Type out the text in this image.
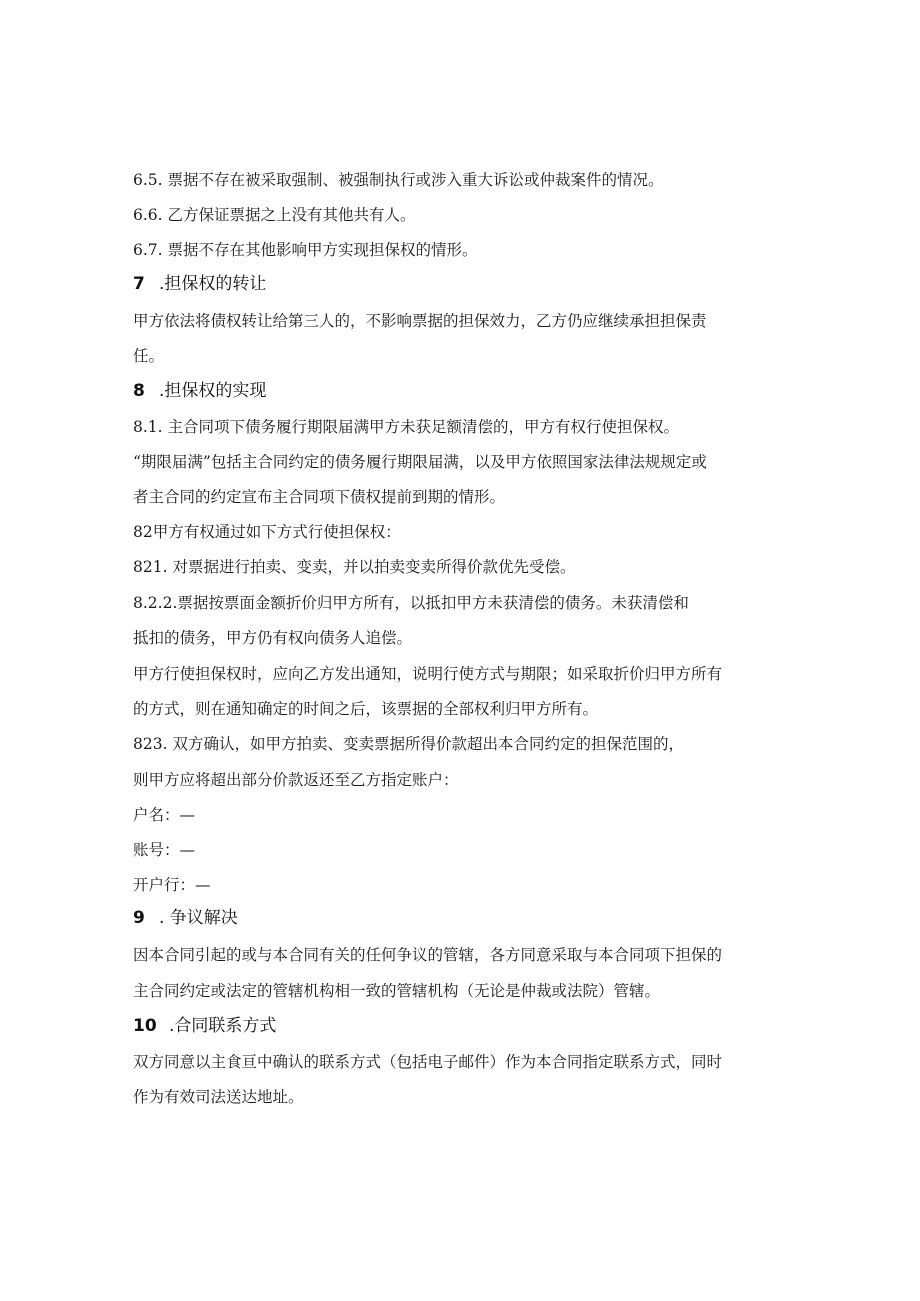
6.5. 票据不存在被采取强制、被强制执行或涉入重大诉讼或仲裁案件的情况。
6.6. 乙方保证票据之上没有其他共有人。
6.7. 票据不存在其他影响甲方实现担保权的情形。
7 .担保权的转让
甲方依法将债权转让给第三人的，不影响票据的担保效力，乙方仍应继续承担担保责
任。
8 .担保权的实现
8.1. 主合同项下债务履行期限届满甲方未获足额清偿的，甲方有权行使担保权。
“期限届满”包括主合同约定的债务履行期限届满，以及甲方依照国家法律法规规定或
者主合同的约定宣布主合同项下债权提前到期的情形。
82甲方有权通过如下方式行使担保权：
821. 对票据进行拍卖、变卖，并以拍卖变卖所得价款优先受偿。
8.2.2.票据按票面金额折价归甲方所有，以抵扣甲方未获清偿的债务。未获清偿和
抵扣的债务，甲方仍有权向债务人追偿。
甲方行使担保权时，应向乙方发出通知，说明行使方式与期限；如采取折价归甲方所有
的方式，则在通知确定的时间之后，该票据的全部权利归甲方所有。
823. 双方确认，如甲方拍卖、变卖票据所得价款超出本合同约定的担保范围的，
则甲方应将超出部分价款返还至乙方指定账户：
户名：—
账号：—
开户行：—
9 . 争议解决
因本合同引起的或与本合同有关的任何争议的管辖，各方同意采取与本合同项下担保的
主合同约定或法定的管辖机构相一致的管辖机构（无论是仲裁或法院）管辖。
10 .合同联系方式
双方同意以主食亘中确认的联系方式（包括电子邮件）作为本合同指定联系方式，同时
作为有效司法送达地址。
